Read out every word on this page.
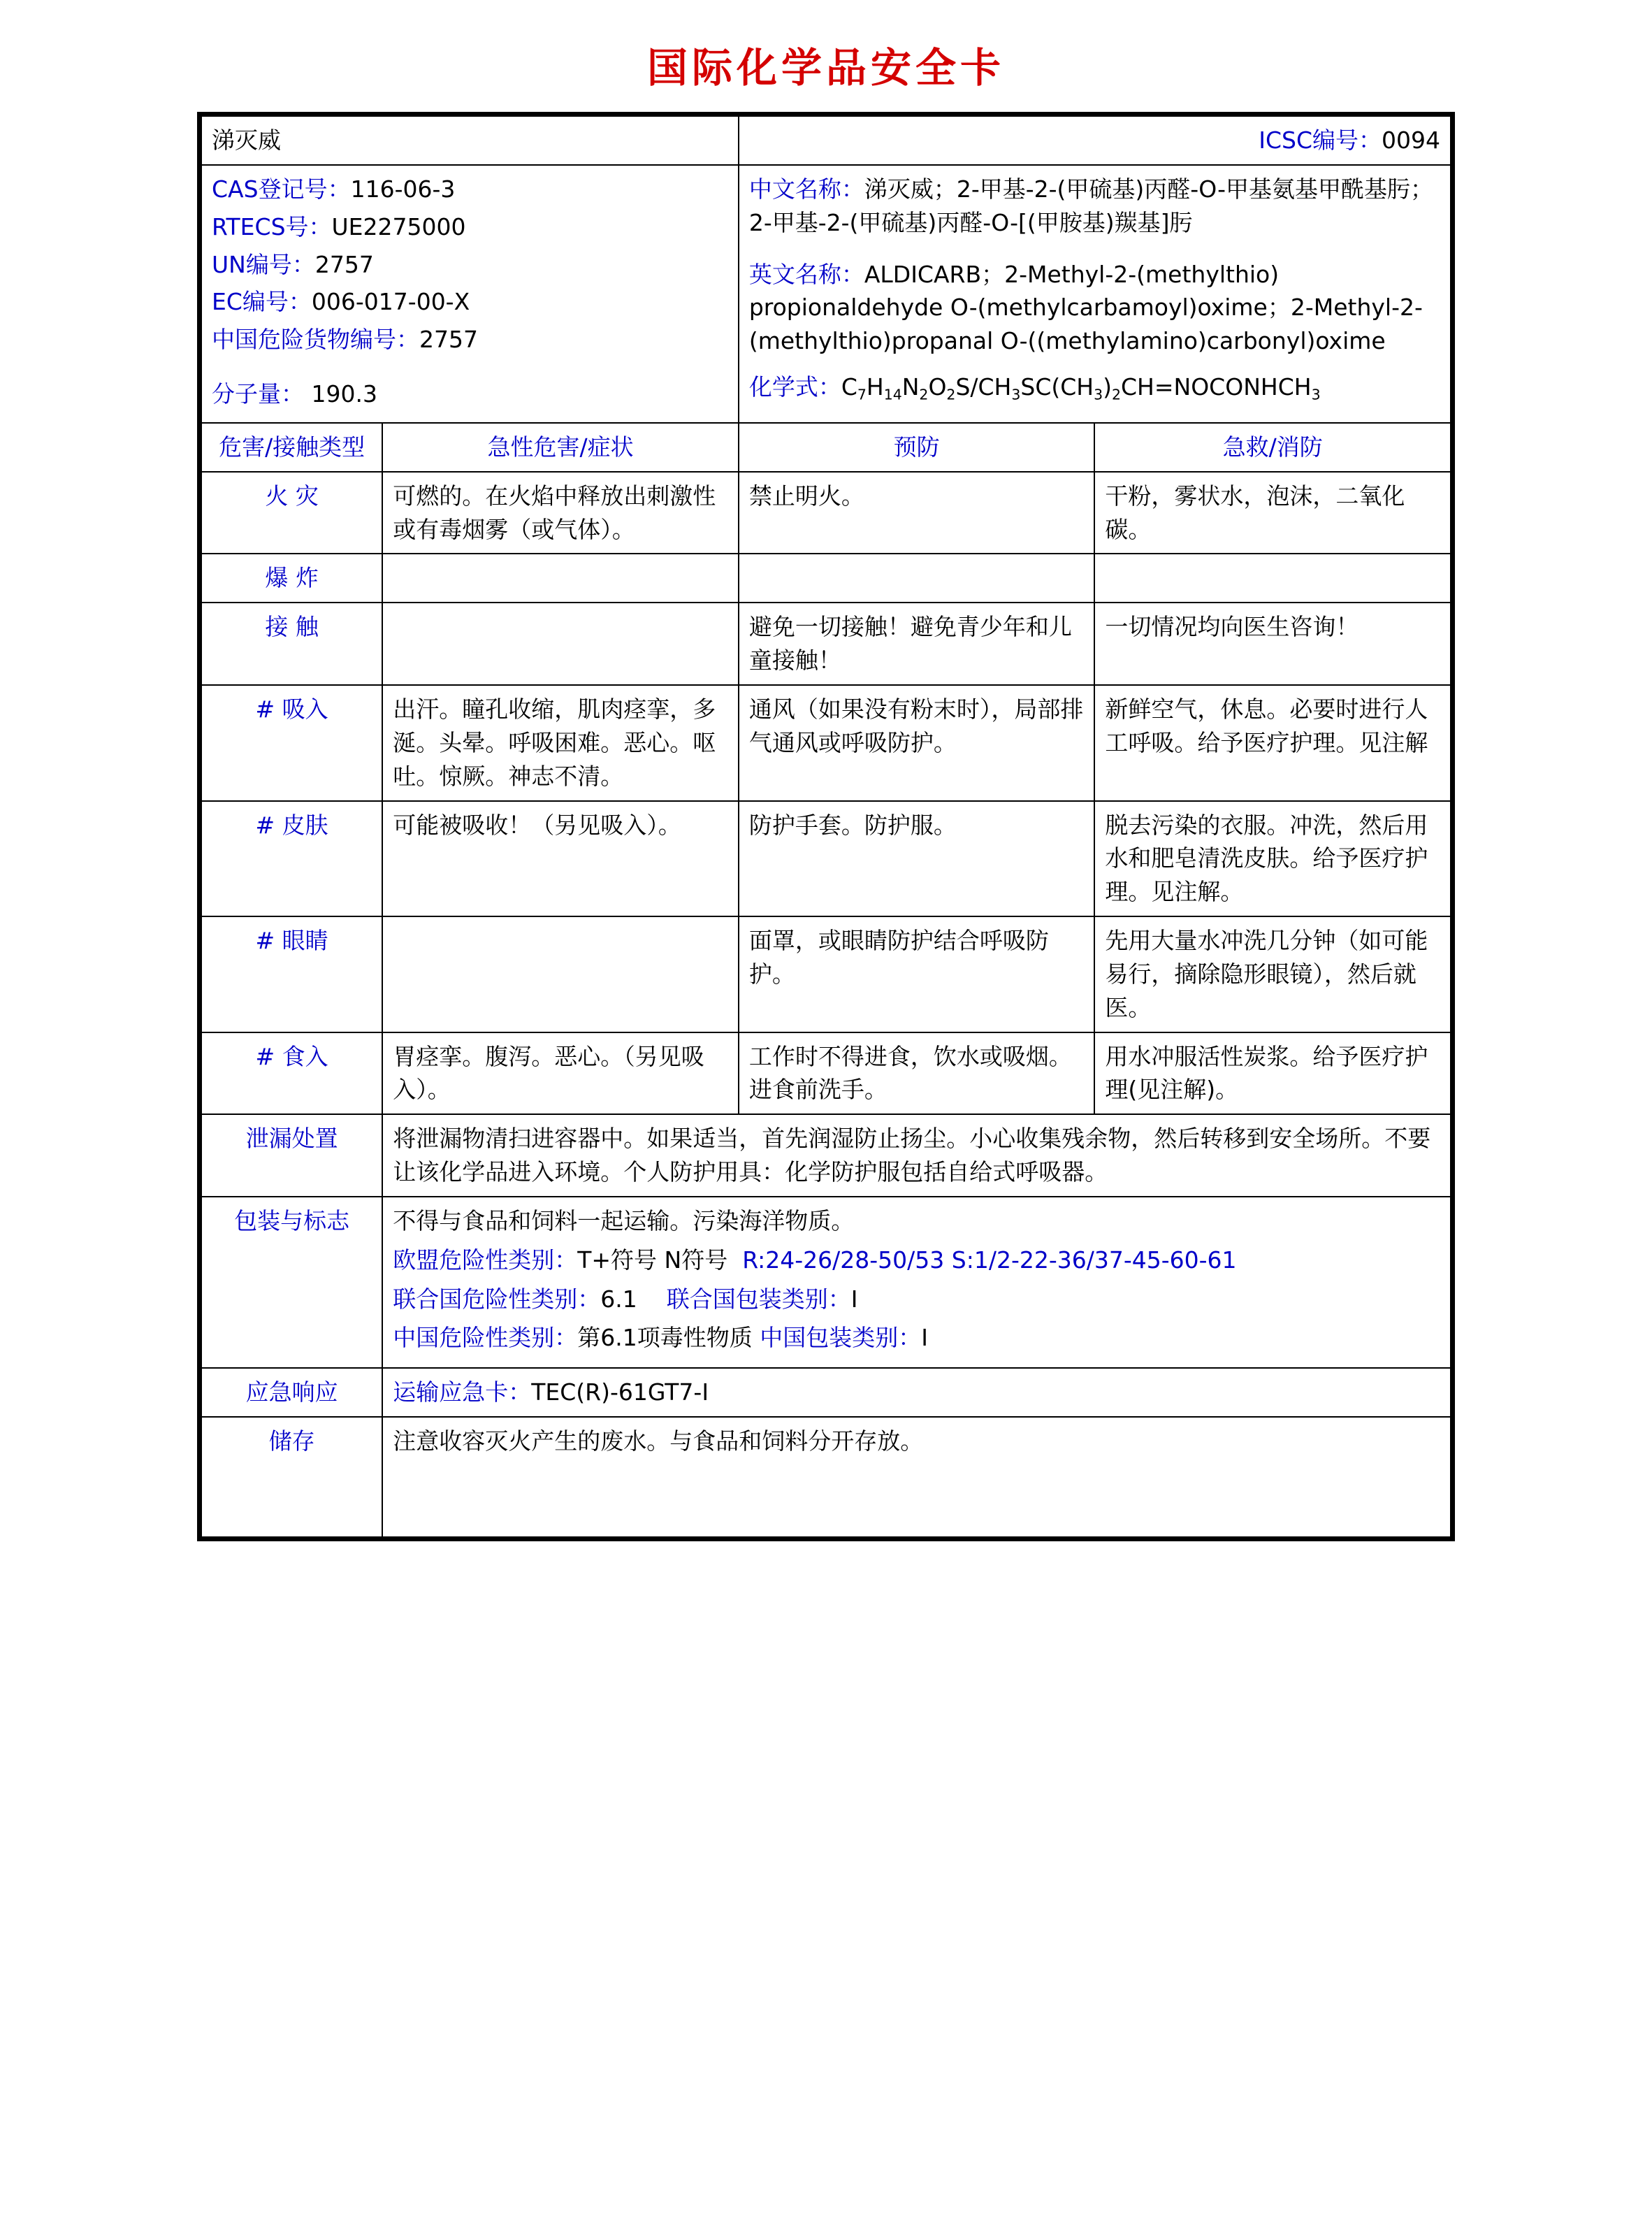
国际化学品安全卡
涕灭威		ICSC编号：0094	

CAS登记号：116-06-3
RTECS号：UE2275000
UN编号：2757
EC编号：006-017-00-X
中国危险货物编号：2757
分子量： 190.3

中文名称：涕灭威；2-甲基-2-(甲硫基)丙醛-O-甲基氨基甲酰基肟；2-甲基-2-(甲硫基)丙醛-O-[(甲胺基)羰基]肟
英文名称：ALDICARB；2-Methyl-2-(methylthio) propionaldehyde O-(methylcarbamoyl)oxime；2-Methyl-2-(methylthio)propanal O-((methylamino)carbonyl)oxime
化学式：$C_7H_{14}N_2O_2S/CH_3SC(CH_3)_2CH=NOCONHCH_3$

危害/接触类型	急性危害/症状	预防	急救/消防
火 灾	可燃的。在火焰中释放出刺激性或有毒烟雾（或气体）。	禁止明火。	干粉，雾状水，泡沫，二氧化碳。
爆 炸			
接 触		避免一切接触！避免青少年和儿童接触！	一切情况均向医生咨询！
# 吸入	出汗。瞳孔收缩，肌肉痉挛，多涎。头晕。呼吸困难。恶心。呕吐。惊厥。神志不清。	通风（如果没有粉末时），局部排气通风或呼吸防护。	新鲜空气，休息。必要时进行人工呼吸。给予医疗护理。见注解
# 皮肤	可能被吸收！（另见吸入）。	防护手套。防护服。	脱去污染的衣服。冲洗，然后用水和肥皂清洗皮肤。给予医疗护理。见注解。
# 眼睛		面罩，或眼睛防护结合呼吸防护。	先用大量水冲洗几分钟（如可能易行，摘除隐形眼镜），然后就医。
# 食入	胃痉挛。腹泻。恶心。（另见吸入）。	工作时不得进食，饮水或吸烟。进食前洗手。	用水冲服活性炭浆。给予医疗护理(见注解)。
泄漏处置	将泄漏物清扫进容器中。如果适当，首先润湿防止扬尘。小心收集残余物，然后转移到安全场所。不要让该化学品进入环境。个人防护用具：化学防护服包括自给式呼吸器。		
包装与标志	不得与食品和饲料一起运输。污染海洋物质。
欧盟危险性类别：T+符号 N符号 R:24-26/28-50/53 S:1/2-22-36/37-45-60-61
联合国危险性类别：6.1 联合国包装类别：I
中国危险性类别：第6.1项毒性物质 中国包装类别：I		

应急响应	运输应急卡：TEC(R)-61GT7-I		
储存	注意收容灭火产生的废水。与食品和饲料分开存放。		
